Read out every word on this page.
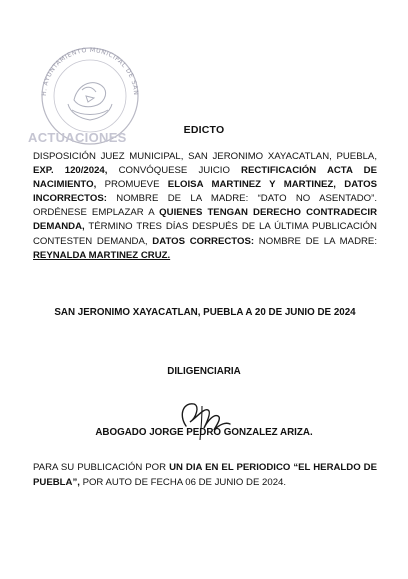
H. AYUNTAMIENTO MUNICIPAL DE SAN
ACTUACIONES	EDICTO
DISPOSICIÓN JUEZ MUNICIPAL, SAN JERONIMO XAYACATLAN, PUEBLA, EXP. 120/2024, CONVÓQUESE JUICIO RECTIFICACIÓN ACTA DE NACIMIENTO, PROMUEVE ELOISA MARTINEZ Y MARTINEZ, DATOS INCORRECTOS: NOMBRE DE LA MADRE: “DATO NO ASENTADO”. ORDÉNESE EMPLAZAR A QUIENES TENGAN DERECHO CONTRADECIR DEMANDA, TÉRMINO TRES DÍAS DESPUÉS DE LA ÚLTIMA PUBLICACIÓN CONTESTEN DEMANDA, DATOS CORRECTOS: NOMBRE DE LA MADRE: REYNALDA MARTINEZ CRUZ.
SAN JERONIMO XAYACATLAN, PUEBLA A 20 DE JUNIO DE 2024
DILIGENCIARIA
ABOGADO JORGE PEDRO GONZALEZ ARIZA.
PARA SU PUBLICACIÓN POR UN DIA EN EL PERIODICO “EL HERALDO DE PUEBLA”, POR AUTO DE FECHA 06 DE JUNIO DE 2024.
